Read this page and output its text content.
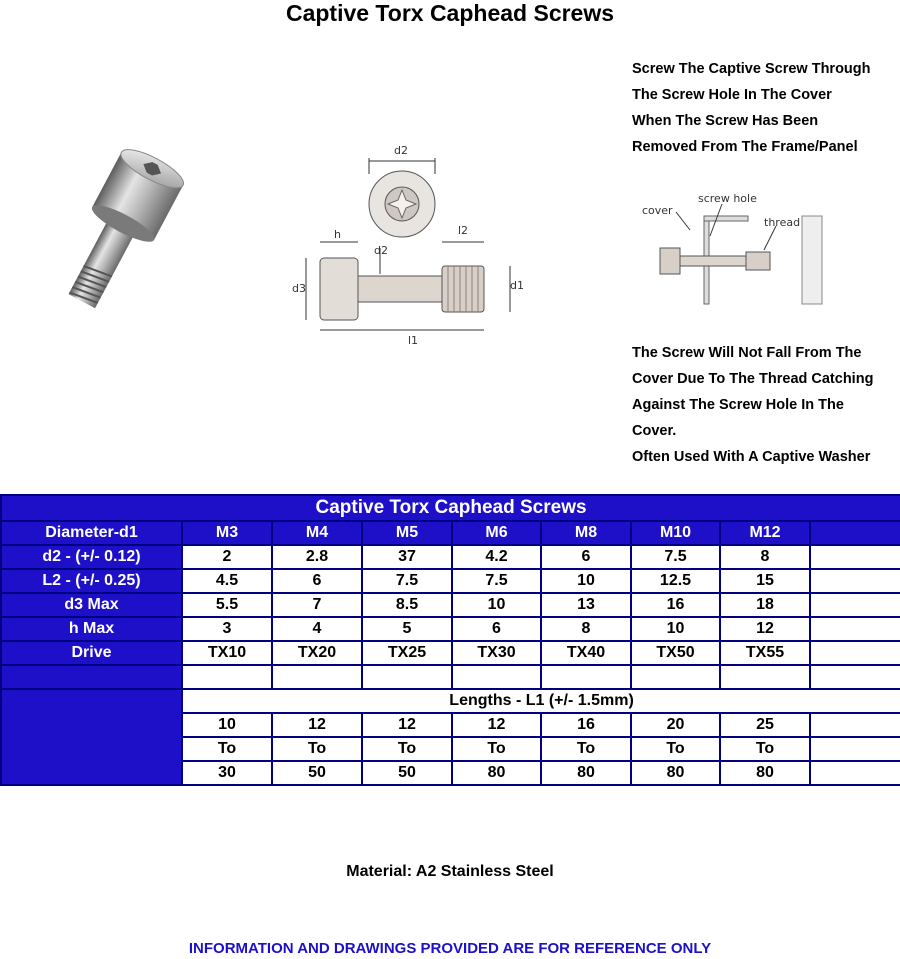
Captive Torx Caphead Screws
d2
h
d2
l2
d3	d1
l1
Screw The Captive Screw Through
The Screw Hole In The Cover
When The Screw Has Been
Removed From The Frame/Panel
cover
screw hole
thread
The Screw Will Not Fall From The
Cover Due To The Thread Catching
Against The Screw Hole In The
Cover.
Often Used With A Captive Washer
Captive Torx Caphead Screws								
Diameter-d1	M3	M4	M5	M6	M8	M10	M12	
d2 - (+/- 0.12)	2	2.8	37	4.2	6	7.5	8	
L2 - (+/- 0.25)	4.5	6	7.5	7.5	10	12.5	15	
d3 Max	5.5	7	8.5	10	13	16	18	
h Max	3	4	5	6	8	10	12	
Drive	TX10	TX20	TX25	TX30	TX40	TX50	TX55	

	Lengths - L1 (+/- 1.5mm)							
	10	12	12	12	16	20	25	
	To	To	To	To	To	To	To	
	30	50	50	80	80	80	80	
Material: A2 Stainless Steel
INFORMATION AND DRAWINGS PROVIDED ARE FOR REFERENCE ONLY
